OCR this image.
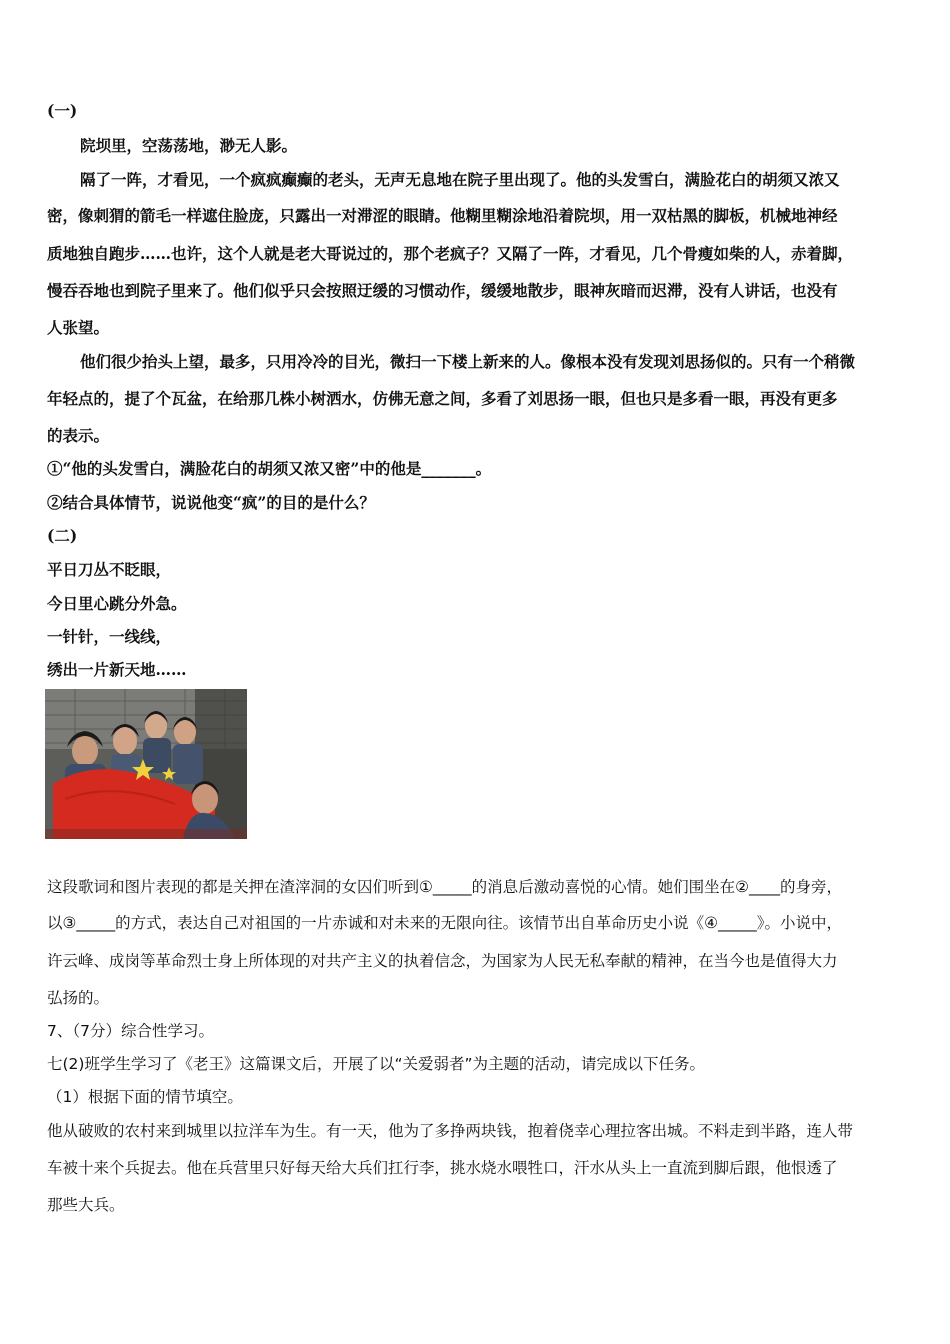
(一)
院坝里，空荡荡地，渺无人影。
隔了一阵，才看见，一个疯疯癫癫的老头，无声无息地在院子里出现了。他的头发雪白，满脸花白的胡须又浓又
密，像刺猬的箭毛一样遮住脸庞，只露出一对滞涩的眼睛。他糊里糊涂地沿着院坝，用一双枯黑的脚板，机械地神经
质地独自跑步……也许，这个人就是老大哥说过的，那个老疯子？又隔了一阵，才看见，几个骨瘦如柴的人，赤着脚，
慢吞吞地也到院子里来了。他们似乎只会按照迂缓的习惯动作，缓缓地散步，眼神灰暗而迟滞，没有人讲话，也没有
人张望。
他们很少抬头上望，最多，只用冷冷的目光，微扫一下楼上新来的人。像根本没有发现刘思扬似的。只有一个稍微
年轻点的，提了个瓦盆，在给那几株小树洒水，仿佛无意之间，多看了刘思扬一眼，但也只是多看一眼，再没有更多
的表示。
①“他的头发雪白，满脸花白的胡须又浓又密”中的他是_______。
②结合具体情节，说说他变“疯”的目的是什么？
(二)
平日刀丛不眨眼，
今日里心跳分外急。
一针针，一线线，
绣出一片新天地……
这段歌词和图片表现的都是关押在渣滓洞的女囚们听到①_____的消息后激动喜悦的心情。她们围坐在②____的身旁，
以③_____的方式，表达自己对祖国的一片赤诚和对未来的无限向往。该情节出自革命历史小说《④_____》。小说中，
许云峰、成岗等革命烈士身上所体现的对共产主义的执着信念，为国家为人民无私奉献的精神，在当今也是值得大力
弘扬的。
7、（7分）综合性学习。
七(2)班学生学习了《老王》这篇课文后，开展了以“关爱弱者”为主题的活动，请完成以下任务。
（1）根据下面的情节填空。
他从破败的农村来到城里以拉洋车为生。有一天，他为了多挣两块钱，抱着侥幸心理拉客出城。不料走到半路，连人带
车被十来个兵捉去。他在兵营里只好每天给大兵们扛行李，挑水烧水喂牲口，汗水从头上一直流到脚后跟，他恨透了
那些大兵。
